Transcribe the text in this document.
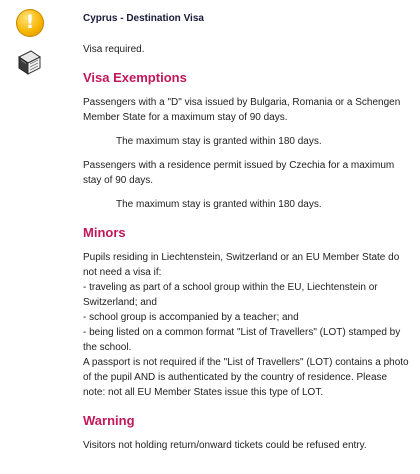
!	Cyprus - Destination Visa
Visa required.
Visa Exemptions
Passengers with a "D" visa issued by Bulgaria, Romania or a Schengen Member State for a maximum stay of 90 days.
The maximum stay is granted within 180 days.
Passengers with a residence permit issued by Czechia for a maximum stay of 90 days.
The maximum stay is granted within 180 days.
Minors
Pupils residing in Liechtenstein, Switzerland or an EU Member State do not need a visa if:
- traveling as part of a school group within the EU, Liechtenstein or Switzerland; and
- school group is accompanied by a teacher; and
- being listed on a common format "List of Travellers" (LOT) stamped by the school.
A passport is not required if the "List of Travellers" (LOT) contains a photo of the pupil AND is authenticated by the country of residence. Please note: not all EU Member States issue this type of LOT.
Warning
Visitors not holding return/onward tickets could be refused entry.
